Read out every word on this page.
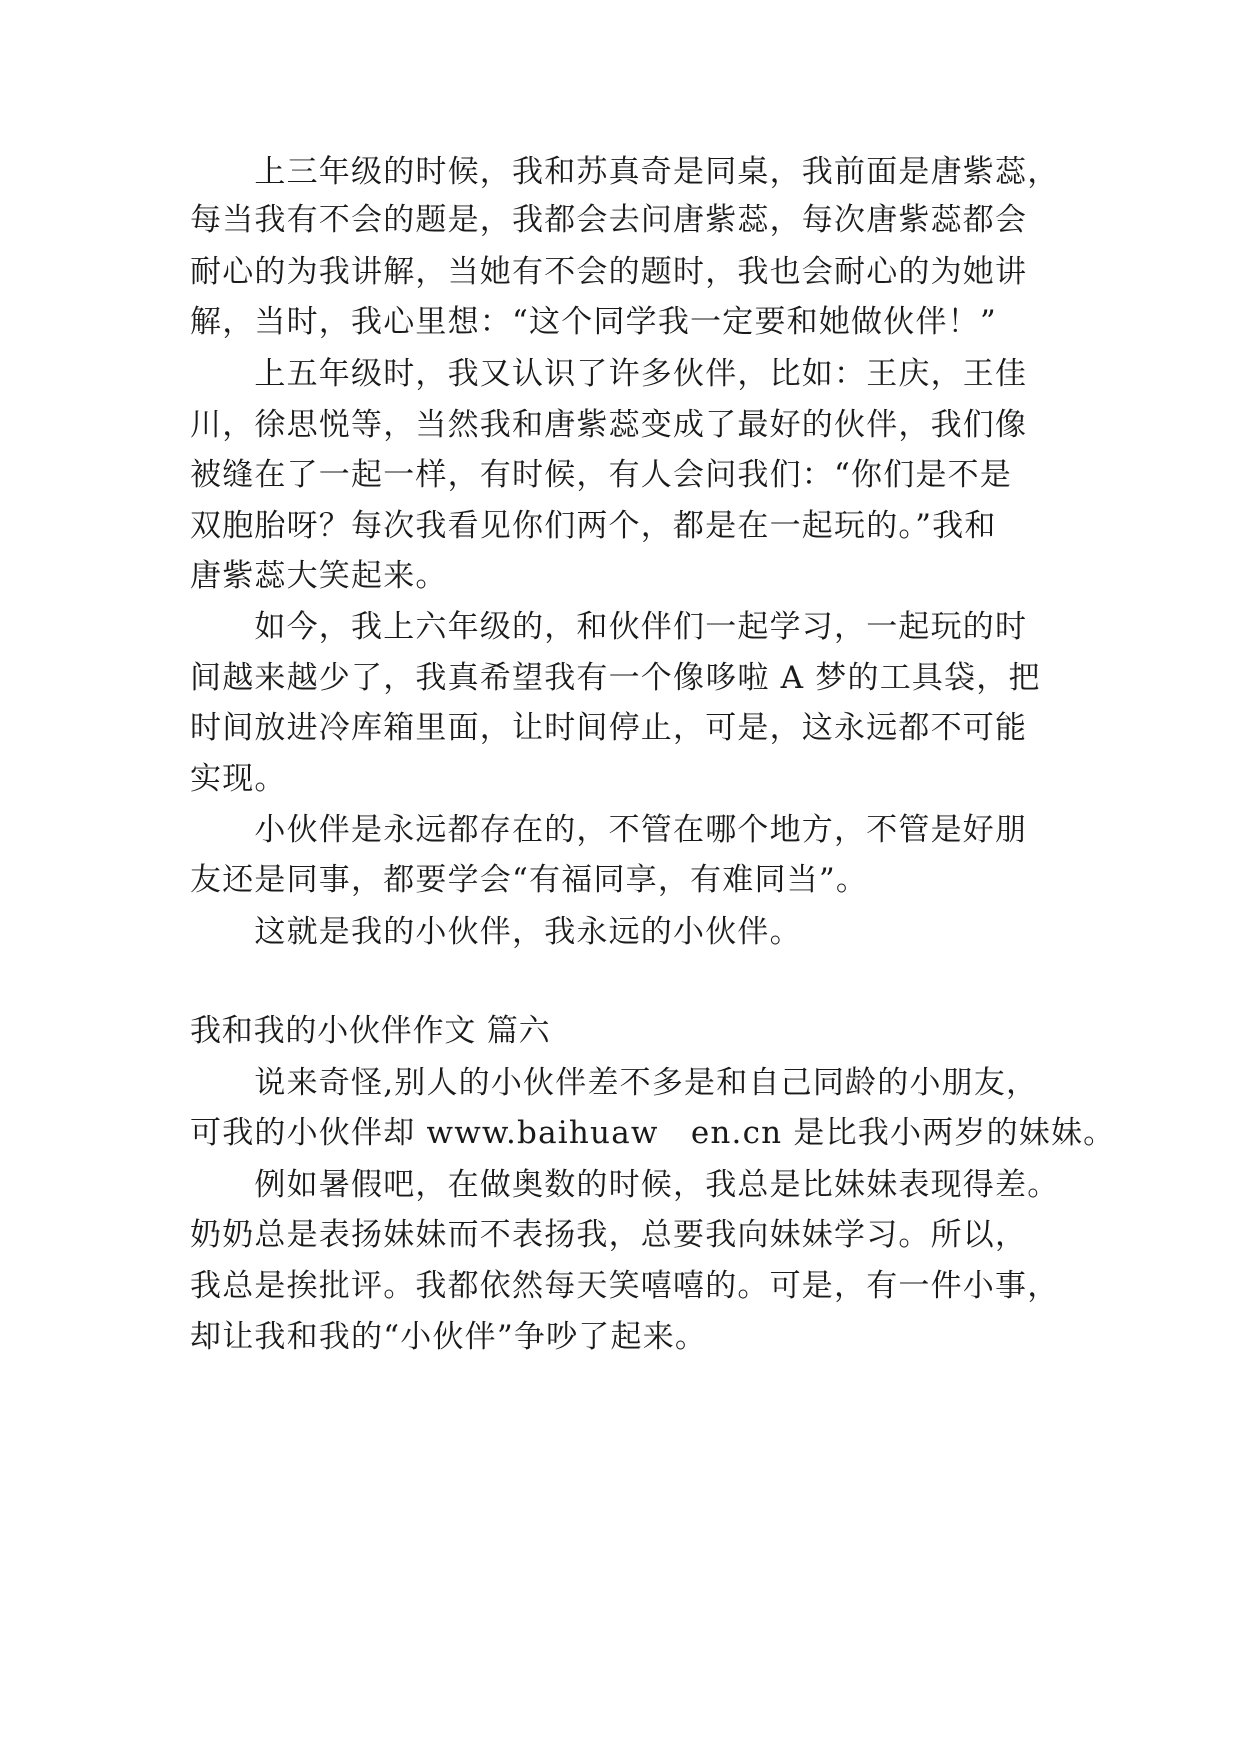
　　上三年级的时候，我和苏真奇是同桌，我前面是唐紫蕊，
每当我有不会的题是，我都会去问唐紫蕊，每次唐紫蕊都会
耐心的为我讲解，当她有不会的题时，我也会耐心的为她讲
解，当时，我心里想：“这个同学我一定要和她做伙伴！”
　　上五年级时，我又认识了许多伙伴，比如：王庆，王佳
川，徐思悦等，当然我和唐紫蕊变成了最好的伙伴，我们像
被缝在了一起一样，有时候，有人会问我们：“你们是不是
双胞胎呀？每次我看见你们两个，都是在一起玩的。”我和
唐紫蕊大笑起来。
　　如今，我上六年级的，和伙伴们一起学习，一起玩的时
间越来越少了，我真希望我有一个像哆啦 A 梦的工具袋，把
时间放进冷库箱里面，让时间停止，可是，这永远都不可能
实现。
　　小伙伴是永远都存在的，不管在哪个地方，不管是好朋
友还是同事，都要学会“有福同享，有难同当”。
　　这就是我的小伙伴，我永远的小伙伴。
我和我的小伙伴作文 篇六
　　说来奇怪,别人的小伙伴差不多是和自己同龄的小朋友，
可我的小伙伴却 www.baihuaw　en.cn 是比我小两岁的妹妹。
　　例如暑假吧，在做奥数的时候，我总是比妹妹表现得差。
奶奶总是表扬妹妹而不表扬我，总要我向妹妹学习。所以，
我总是挨批评。我都依然每天笑嘻嘻的。可是，有一件小事，
却让我和我的“小伙伴”争吵了起来。
